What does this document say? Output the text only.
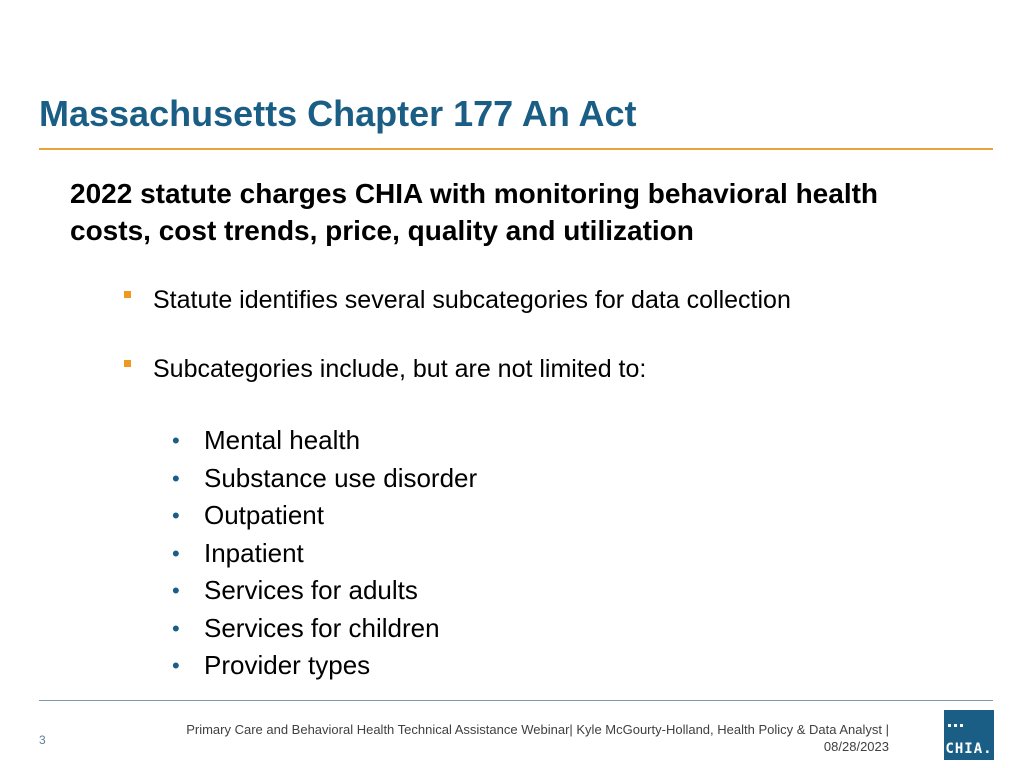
Massachusetts Chapter 177 An Act

2022 statute charges CHIA with monitoring behavioral health costs, cost trends, price, quality and utilization

Statute identifies several subcategories for data collection
Subcategories include, but are not limited to:
• Mental health
• Substance use disorder
• Outpatient
• Inpatient
• Services for adults
• Services for children
• Provider types
3
Primary Care and Behavioral Health Technical Assistance Webinar| Kyle McGourty-Holland, Health Policy & Data Analyst |
08/28/2023	CHIA.
